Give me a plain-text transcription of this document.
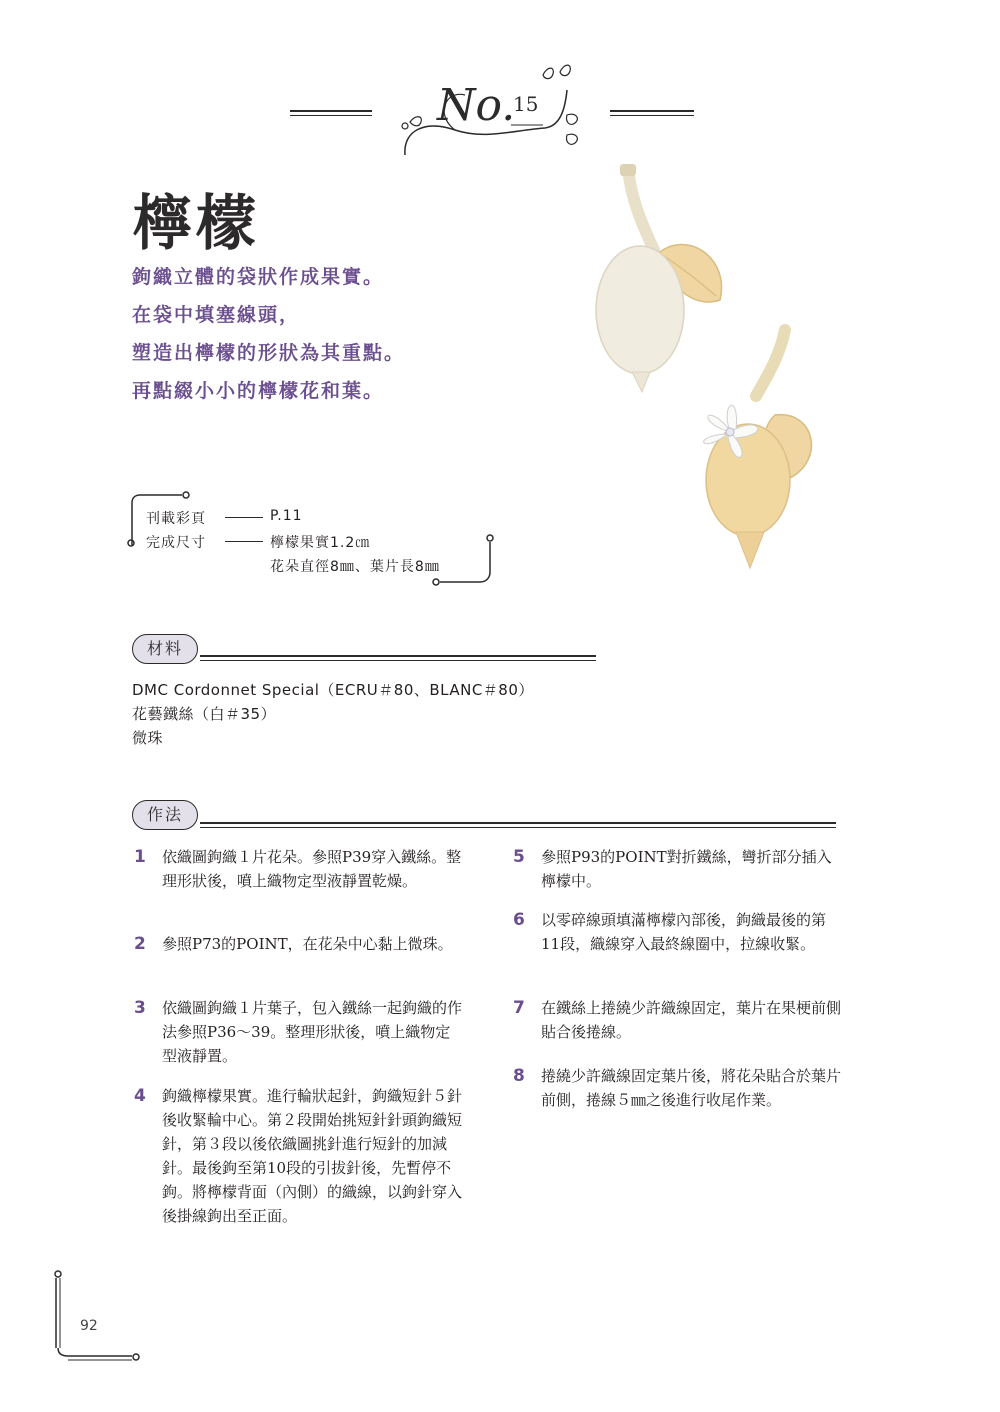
No.
15
檸檬
鉤織立體的袋狀作成果實。
在袋中填塞線頭，
塑造出檸檬的形狀為其重點。
再點綴小小的檸檬花和葉。
刊載彩頁	P.11
完成尺寸	檸檬果實1.2㎝
花朵直徑8㎜、葉片長8㎜
材料
DMC Cordonnet Special（ECRU＃80、BLANC＃80）
花藝鐵絲（白＃35）
微珠
作法
1 依織圖鉤織１片花朵。參照P39穿入鐵絲。整理形狀後，噴上織物定型液靜置乾燥。
2 參照P73的POINT，在花朵中心黏上微珠。
3 依織圖鉤織１片葉子，包入鐵絲一起鉤織的作法參照P36〜39。整理形狀後，噴上織物定型液靜置。
4 鉤織檸檬果實。進行輪狀起針，鉤織短針５針後收緊輪中心。第２段開始挑短針針頭鉤織短針，第３段以後依織圖挑針進行短針的加減針。最後鉤至第10段的引拔針後，先暫停不鉤。將檸檬背面（內側）的織線，以鉤針穿入後掛線鉤出至正面。
5 參照P93的POINT對折鐵絲，彎折部分插入檸檬中。
6 以零碎線頭填滿檸檬內部後，鉤織最後的第11段，織線穿入最終線圈中，拉線收緊。
7 在鐵絲上捲繞少許織線固定，葉片在果梗前側貼合後捲線。
8 捲繞少許織線固定葉片後，將花朵貼合於葉片前側，捲線５㎜之後進行收尾作業。
92
